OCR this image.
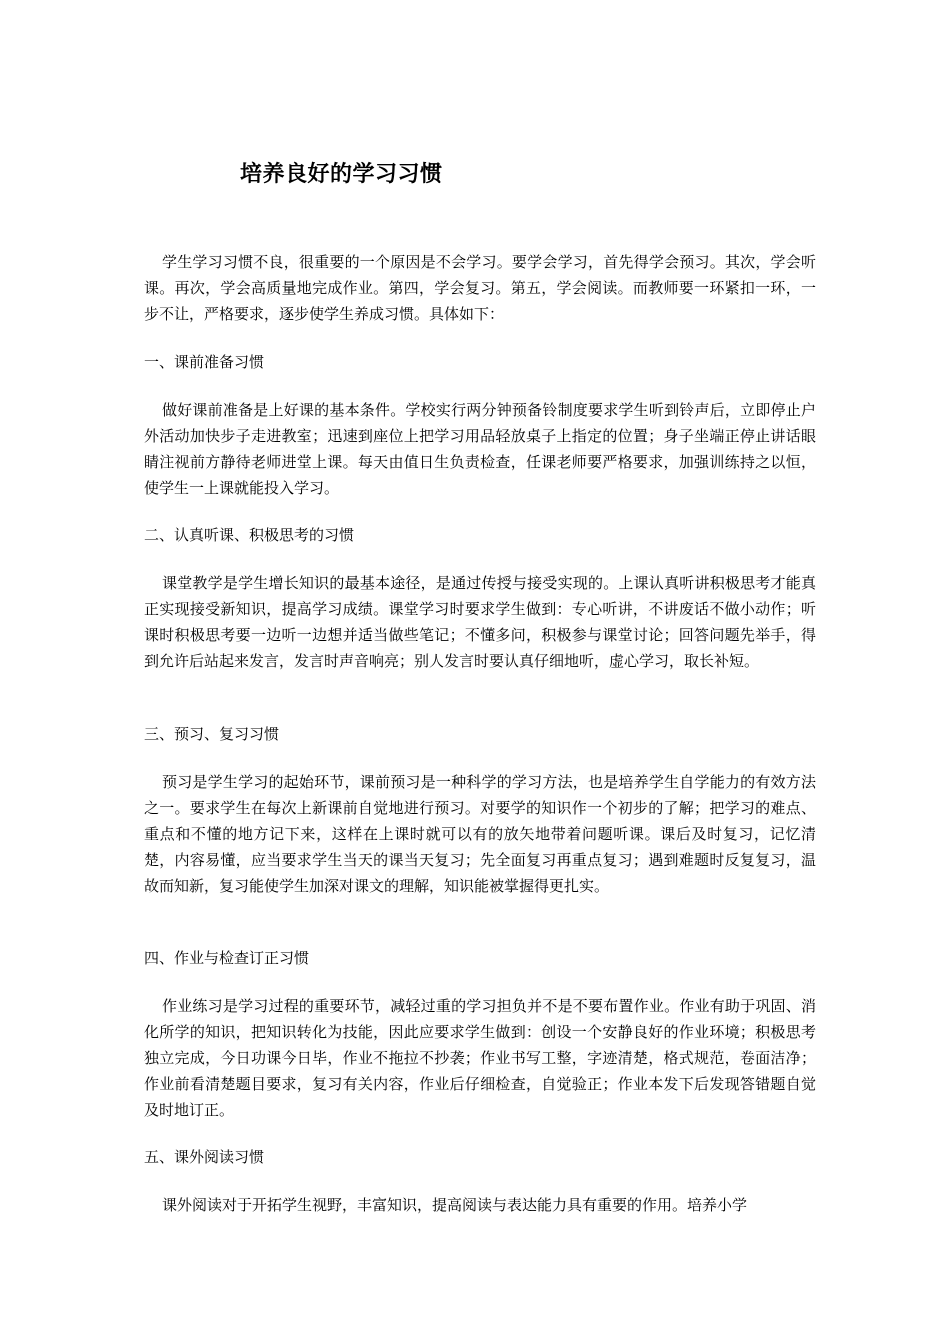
培养良好的学习习惯

学生学习习惯不良，很重要的一个原因是不会学习。要学会学习，首先得学会预习。其次，学会听课。再次，学会高质量地完成作业。第四，学会复习。第五，学会阅读。而教师要一环紧扣一环，一步不让，严格要求，逐步使学生养成习惯。具体如下：

一、课前准备习惯

做好课前准备是上好课的基本条件。学校实行两分钟预备铃制度要求学生听到铃声后，立即停止户外活动加快步子走进教室；迅速到座位上把学习用品轻放桌子上指定的位置；身子坐端正停止讲话眼睛注视前方静待老师进堂上课。每天由值日生负责检查，任课老师要严格要求，加强训练持之以恒，使学生一上课就能投入学习。

二、认真听课、积极思考的习惯

课堂教学是学生增长知识的最基本途径，是通过传授与接受实现的。上课认真听讲积极思考才能真正实现接受新知识，提高学习成绩。课堂学习时要求学生做到：专心听讲，不讲废话不做小动作；听课时积极思考要一边听一边想并适当做些笔记；不懂多问，积极参与课堂讨论；回答问题先举手，得到允许后站起来发言，发言时声音响亮；别人发言时要认真仔细地听，虚心学习，取长补短。

三、预习、复习习惯

预习是学生学习的起始环节，课前预习是一种科学的学习方法，也是培养学生自学能力的有效方法之一。要求学生在每次上新课前自觉地进行预习。对要学的知识作一个初步的了解；把学习的难点、重点和不懂的地方记下来，这样在上课时就可以有的放矢地带着问题听课。课后及时复习，记忆清楚，内容易懂，应当要求学生当天的课当天复习；先全面复习再重点复习；遇到难题时反复复习，温故而知新，复习能使学生加深对课文的理解，知识能被掌握得更扎实。

四、作业与检查订正习惯

作业练习是学习过程的重要环节，减轻过重的学习担负并不是不要布置作业。作业有助于巩固、消化所学的知识，把知识转化为技能，因此应要求学生做到：创设一个安静良好的作业环境；积极思考独立完成，今日功课今日毕，作业不拖拉不抄袭；作业书写工整，字迹清楚，格式规范，卷面洁净；作业前看清楚题目要求，复习有关内容，作业后仔细检查，自觉验正；作业本发下后发现答错题自觉及时地订正。

五、课外阅读习惯

课外阅读对于开拓学生视野，丰富知识，提高阅读与表达能力具有重要的作用。培养小学
